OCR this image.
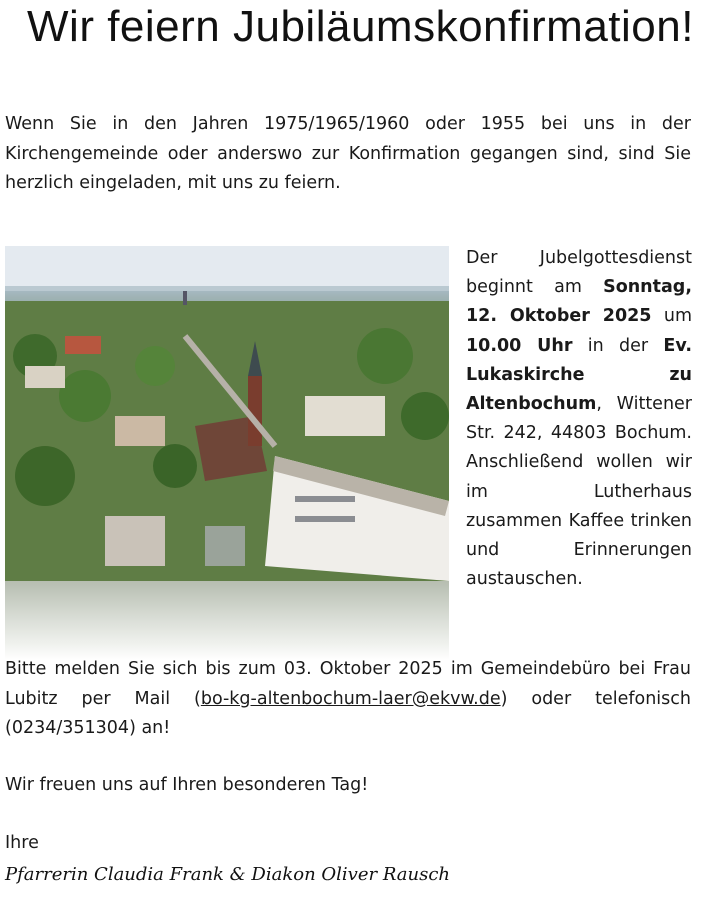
Wir feiern Jubiläumskonfirmation!
Wenn Sie in den Jahren 1975/1965/1960 oder 1955 bei uns in der Kirchengemeinde oder anderswo zur Konfirmation gegangen sind, sind Sie herzlich eingeladen, mit uns zu feiern.
Der Jubelgottesdienst beginnt am Sonntag, 12. Oktober 2025 um 10.00 Uhr in der Ev. Lukaskirche zu Altenbochum, Wittener Str. 242, 44803 Bochum. Anschließend wollen wir im Lutherhaus zusammen Kaffee trinken und Erinnerungen austauschen.
Bitte melden Sie sich bis zum 03. Oktober 2025 im Gemeindebüro bei Frau Lubitz per Mail (bo-kg-altenbochum-laer@ekvw.de) oder telefonisch (0234/351304) an!
Wir freuen uns auf Ihren besonderen Tag!
Ihre
Pfarrerin Claudia Frank & Diakon Oliver Rausch
